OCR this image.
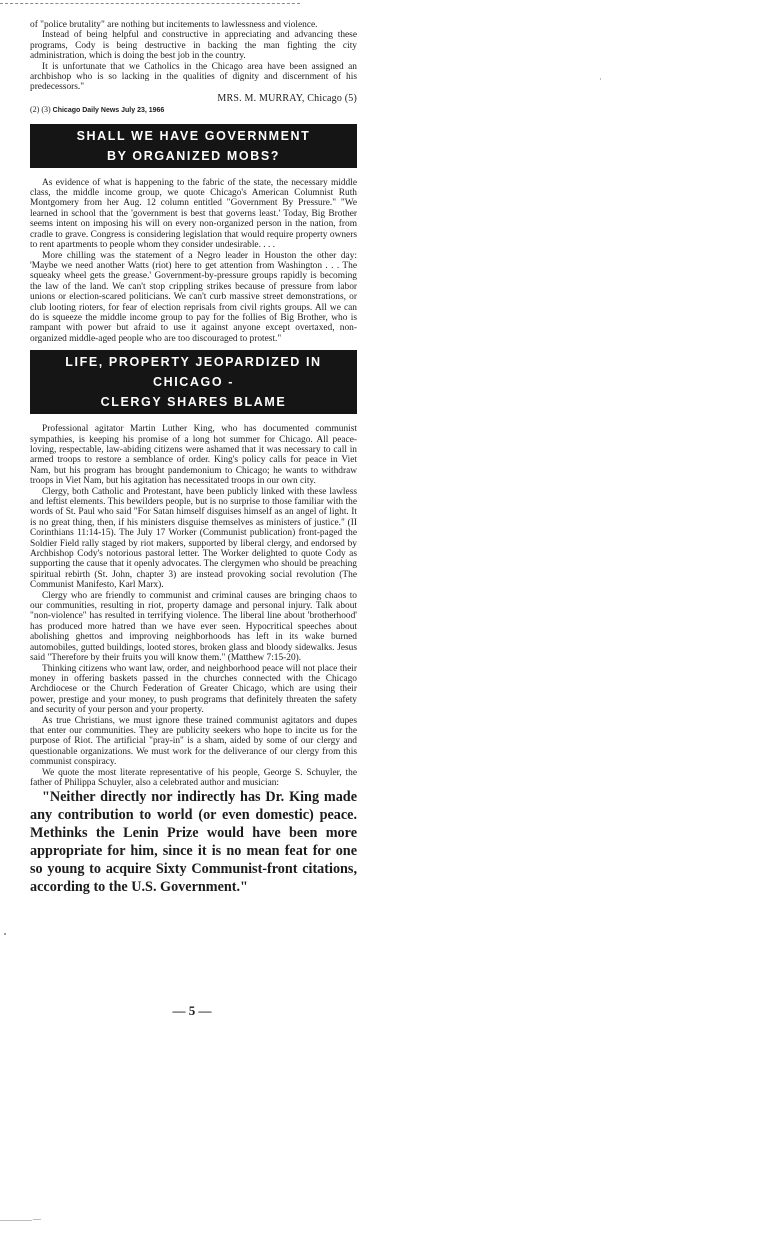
of "police brutality" are nothing but incitements to lawlessness and violence.

Instead of being helpful and constructive in appreciating and advancing these programs, Cody is being destructive in backing the man fighting the city administration, which is doing the best job in the country.

It is unfortunate that we Catholics in the Chicago area have been assigned an archbishop who is so lacking in the qualities of dignity and discernment of his predecessors."

MRS. M. MURRAY, Chicago (5)
(2) (3) Chicago Daily News July 23, 1966
SHALL WE HAVE GOVERNMENT
BY ORGANIZED MOBS?

As evidence of what is happening to the fabric of the state, the necessary middle class, the middle income group, we quote Chicago's American Columnist Ruth Montgomery from her Aug. 12 column entitled "Government By Pressure." "We learned in school that the 'government is best that governs least.' Today, Big Brother seems intent on imposing his will on every non-organized person in the nation, from cradle to grave. Congress is considering legislation that would require property owners to rent apartments to people whom they consider undesirable. . . .

More chilling was the statement of a Negro leader in Houston the other day: 'Maybe we need another Watts (riot) here to get attention from Washington . . . The squeaky wheel gets the grease.' Government-by-pressure groups rapidly is becoming the law of the land. We can't stop crippling strikes because of pressure from labor unions or election-scared politicians. We can't curb massive street demonstrations, or club looting rioters, for fear of election reprisals from civil rights groups. All we can do is squeeze the middle income group to pay for the follies of Big Brother, who is rampant with power but afraid to use it against anyone except overtaxed, non-organized middle-aged people who are too discouraged to protest."

LIFE, PROPERTY JEOPARDIZED IN CHICAGO -
CLERGY SHARES BLAME

Professional agitator Martin Luther King, who has documented communist sympathies, is keeping his promise of a long hot summer for Chicago. All peace-loving, respectable, law-abiding citizens were ashamed that it was necessary to call in armed troops to restore a semblance of order. King's policy calls for peace in Viet Nam, but his program has brought pandemonium to Chicago; he wants to withdraw troops in Viet Nam, but his agitation has necessitated troops in our own city.

Clergy, both Catholic and Protestant, have been publicly linked with these lawless and leftist elements. This bewilders people, but is no surprise to those familiar with the words of St. Paul who said "For Satan himself disguises himself as an angel of light. It is no great thing, then, if his ministers disguise themselves as ministers of justice." (II Corinthians 11:14-15). The July 17 Worker (Communist publication) front-paged the Soldier Field rally staged by riot makers, supported by liberal clergy, and endorsed by Archbishop Cody's notorious pastoral letter. The Worker delighted to quote Cody as supporting the cause that it openly advocates. The clergymen who should be preaching spiritual rebirth (St. John, chapter 3) are instead provoking social revolution (The Communist Manifesto, Karl Marx).

Clergy who are friendly to communist and criminal causes are bringing chaos to our communities, resulting in riot, property damage and personal injury. Talk about "non-violence" has resulted in terrifying violence. The liberal line about 'brotherhood' has produced more hatred than we have ever seen. Hypocritical speeches about abolishing ghettos and improving neighborhoods has left in its wake burned automobiles, gutted buildings, looted stores, broken glass and bloody sidewalks. Jesus said "Therefore by their fruits you will know them." (Matthew 7:15-20).

Thinking citizens who want law, order, and neighborhood peace will not place their money in offering baskets passed in the churches connected with the Chicago Archdiocese or the Church Federation of Greater Chicago, which are using their power, prestige and your money, to push programs that definitely threaten the safety and security of your person and your property.

As true Christians, we must ignore these trained communist agitators and dupes that enter our communities. They are publicity seekers who hope to incite us for the purpose of Riot. The artificial "pray-in" is a sham, aided by some of our clergy and questionable organizations. We must work for the deliverance of our clergy from this communist conspiracy.

We quote the most literate representative of his people, George S. Schuyler, the father of Philippa Schuyler, also a celebrated author and musician:

"Neither directly nor indirectly has Dr. King made any contribution to world (or even domestic) peace. Methinks the Lenin Prize would have been more appropriate for him, since it is no mean feat for one so young to acquire Sixty Communist-front citations, according to the U.S. Government."

— 5 —
